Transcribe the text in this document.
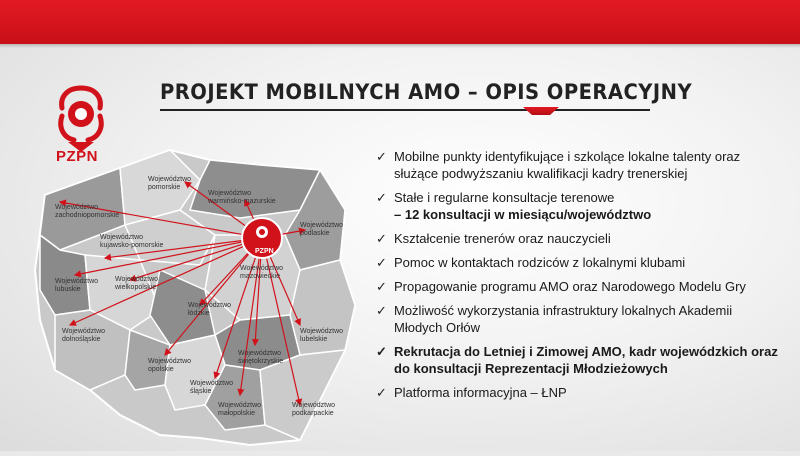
PROJEKT MOBILNYCH AMO – OPIS OPERACYJNY
PZPN
PZPN
Województwo
pomorskie
Województwo
warmińsko-mazurskie
Województwo
zachodniopomorskie
Województwo
kujawsko-pomorskie
Województwo
podlaskie
Województwo
mazowieckie
Województwo
lubuskie
Województwo
wielkopolskie
Województwo
łódzkie
Województwo
lubelskie
Województwo
dolnośląskie
Województwo
świętokrzyskie
Województwo
opolskie
Województwo
śląskie
Województwo
małopolskie
Województwo
podkarpackie
✓ Mobilne punkty identyfikujące i szkolące lokalne talenty oraz
służące podwyższaniu kwalifikacji kadry trenerskiej
✓ Stałe i regularne konsultacje terenowe
– 12 konsultacji w miesiącu/województwo
✓ Kształcenie trenerów oraz nauczycieli
✓ Pomoc w kontaktach rodziców z lokalnymi klubami
✓ Propagowanie programu AMO oraz Narodowego Modelu Gry
✓ Możliwość wykorzystania infrastruktury lokalnych Akademii
Młodych Orłów
✓ Rekrutacja do Letniej i Zimowej AMO, kadr wojewódzkich oraz do konsultacji Reprezentacji Młodzieżowych
✓ Platforma informacyjna – ŁNP
